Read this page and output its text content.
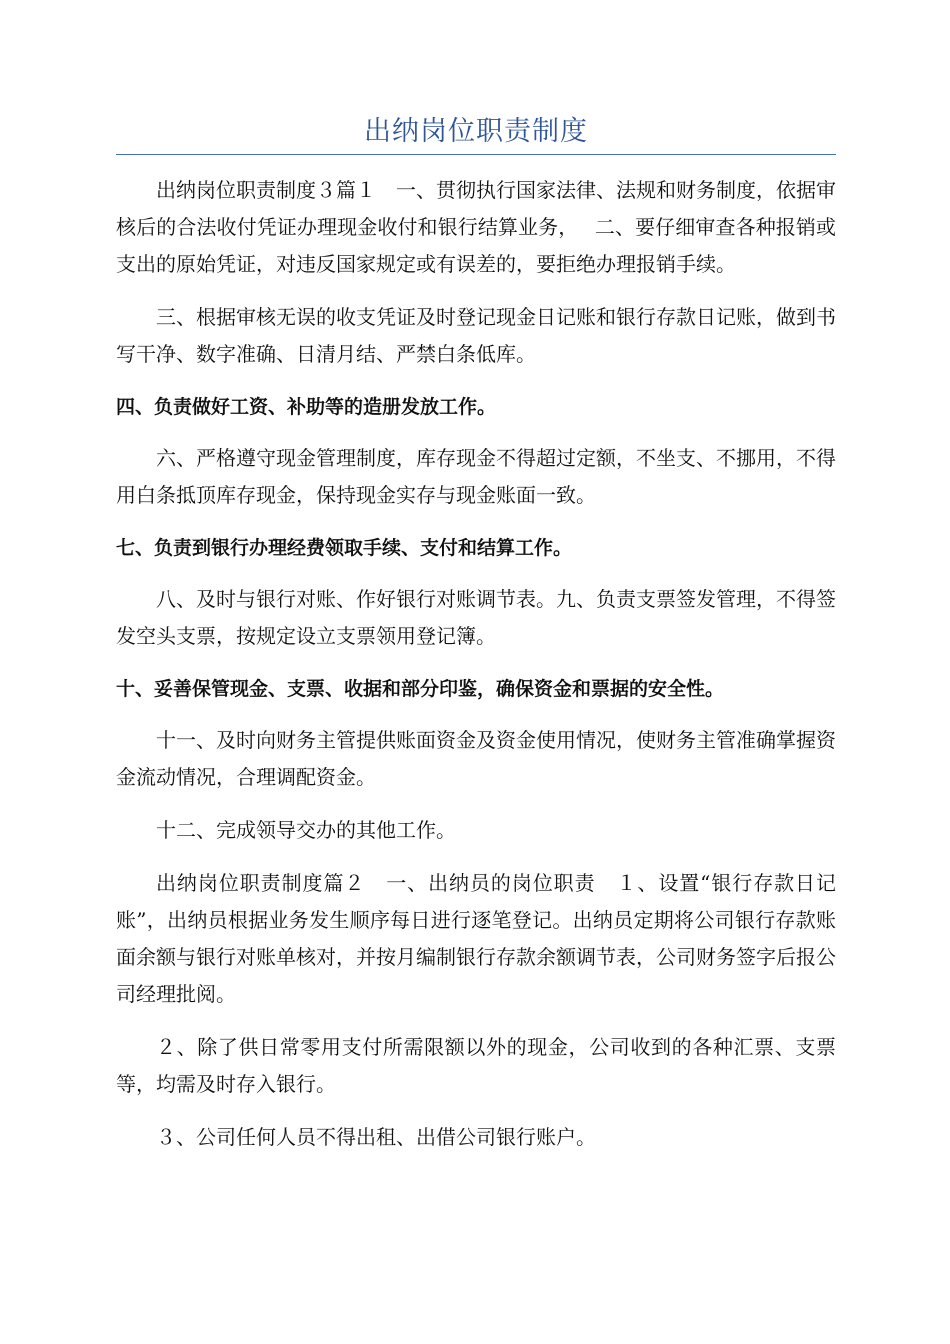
出纳岗位职责制度

出纳岗位职责制度３篇１　一、贯彻执行国家法律、法规和财务制度，依据审核后的合法收付凭证办理现金收付和银行结算业务，　 二、要仔细审查各种报销或支出的原始凭证，对违反国家规定或有误差的，要拒绝办理报销手续。

三、根据审核无误的收支凭证及时登记现金日记账和银行存款日记账，做到书写干净、数字准确、日清月结、严禁白条低库。

四、负责做好工资、补助等的造册发放工作。

六、严格遵守现金管理制度，库存现金不得超过定额，不坐支、不挪用，不得用白条抵顶库存现金，保持现金实存与现金账面一致。

七、负责到银行办理经费领取手续、支付和结算工作。

八、及时与银行对账、作好银行对账调节表。九、负责支票签发管理，不得签发空头支票，按规定设立支票领用登记簿。

十、妥善保管现金、支票、收据和部分印鉴，确保资金和票据的安全性。

十一、及时向财务主管提供账面资金及资金使用情况，使财务主管准确掌握资金流动情况，合理调配资金。

十二、完成领导交办的其他工作。

出纳岗位职责制度篇２　一、出纳员的岗位职责　１、设置“银行存款日记账”，出纳员根据业务发生顺序每日进行逐笔登记。出纳员定期将公司银行存款账面余额与银行对账单核对，并按月编制银行存款余额调节表，公司财务签字后报公司经理批阅。

２、除了供日常零用支付所需限额以外的现金，公司收到的各种汇票、支票等，均需及时存入银行。

３、公司任何人员不得出租、出借公司银行账户。
